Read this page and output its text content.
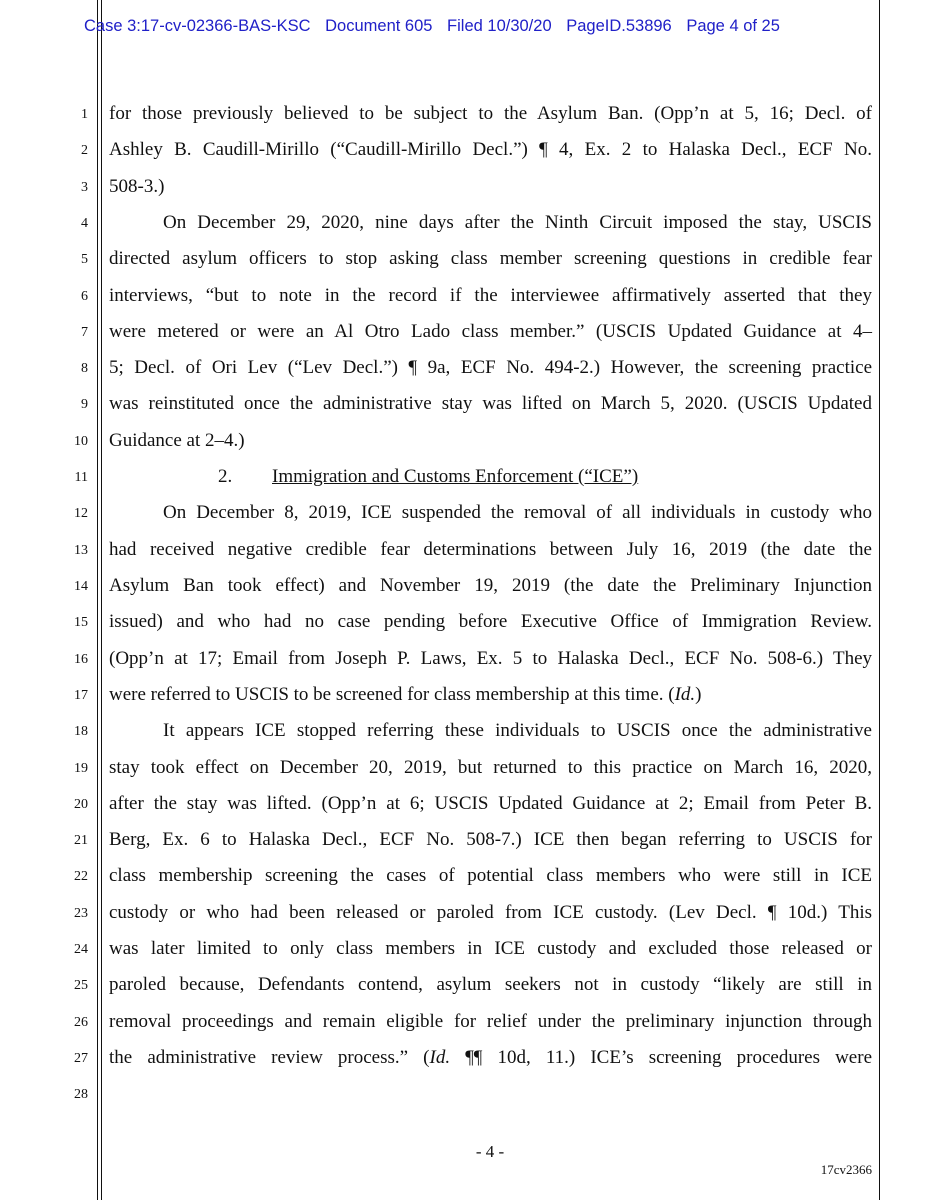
Case 3:17-cv-02366-BAS-KSC Document 605 Filed 10/30/20 PageID.53896 Page 4 of 25
1
2
3
4
5
6
7
8
9
10
11
12
13
14
15
16
17
18
19
20
21
22
23
24
25
26
27
28
for those previously believed to be subject to the Asylum Ban. (Opp’n at 5, 16; Decl. of
Ashley B. Caudill-Mirillo (“Caudill-Mirillo Decl.”) ¶ 4, Ex. 2 to Halaska Decl., ECF No.
508-3.)
On December 29, 2020, nine days after the Ninth Circuit imposed the stay, USCIS
directed asylum officers to stop asking class member screening questions in credible fear
interviews, “but to note in the record if the interviewee affirmatively asserted that they
were metered or were an Al Otro Lado class member.” (USCIS Updated Guidance at 4–
5; Decl. of Ori Lev (“Lev Decl.”) ¶ 9a, ECF No. 494-2.) However, the screening practice
was reinstituted once the administrative stay was lifted on March 5, 2020. (USCIS Updated
Guidance at 2–4.)
2. Immigration and Customs Enforcement (“ICE”)
On December 8, 2019, ICE suspended the removal of all individuals in custody who
had received negative credible fear determinations between July 16, 2019 (the date the
Asylum Ban took effect) and November 19, 2019 (the date the Preliminary Injunction
issued) and who had no case pending before Executive Office of Immigration Review.
(Opp’n at 17; Email from Joseph P. Laws, Ex. 5 to Halaska Decl., ECF No. 508-6.) They
were referred to USCIS to be screened for class membership at this time. (Id.)
It appears ICE stopped referring these individuals to USCIS once the administrative
stay took effect on December 20, 2019, but returned to this practice on March 16, 2020,
after the stay was lifted. (Opp’n at 6; USCIS Updated Guidance at 2; Email from Peter B.
Berg, Ex. 6 to Halaska Decl., ECF No. 508-7.) ICE then began referring to USCIS for
class membership screening the cases of potential class members who were still in ICE
custody or who had been released or paroled from ICE custody. (Lev Decl. ¶ 10d.) This
was later limited to only class members in ICE custody and excluded those released or
paroled because, Defendants contend, asylum seekers not in custody “likely are still in
removal proceedings and remain eligible for relief under the preliminary injunction through
the administrative review process.” (Id. ¶¶ 10d, 11.) ICE’s screening procedures were
- 4 -
17cv2366
